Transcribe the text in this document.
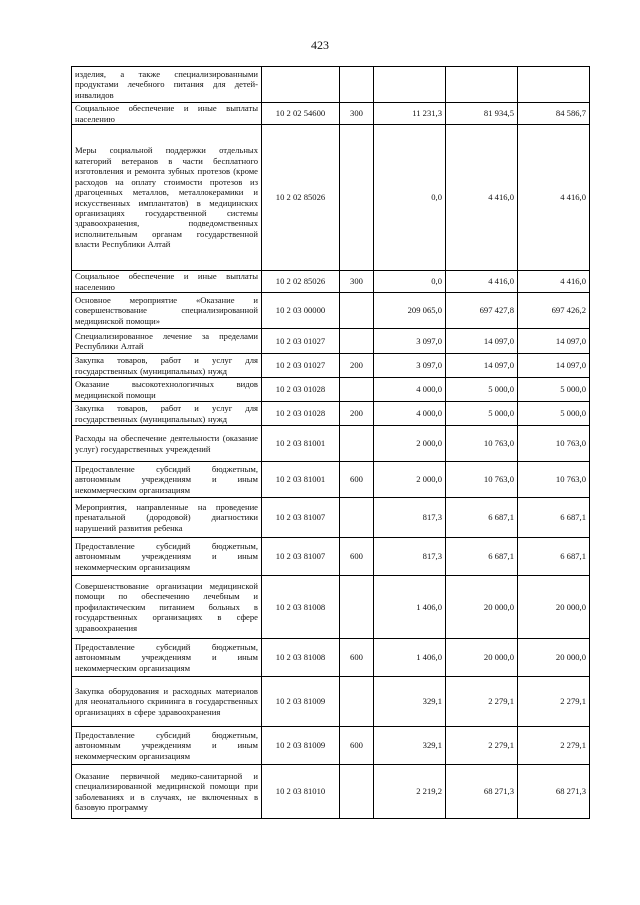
423
изделия, а также специализированными продуктами лечебного питания для детей-инвалидов					
Социальное обеспечение и иные выплаты населению	10 2 02 54600	300	11 231,3	81 934,5	84 586,7
Меры социальной поддержки отдельных категорий ветеранов в части бесплатного изготовления и ремонта зубных протезов (кроме расходов на оплату стоимости протезов из драгоценных металлов, металлокерамики и искусственных имплантатов) в медицинских организациях государственной системы здравоохранения, подведомственных исполнительным органам государственной власти Республики Алтай	10 2 02 85026		0,0	4 416,0	4 416,0
Социальное обеспечение и иные выплаты населению	10 2 02 85026	300	0,0	4 416,0	4 416,0
Основное мероприятие «Оказание и совершенствование специализированной медицинской помощи»	10 2 03 00000		209 065,0	697 427,8	697 426,2
Специализированное лечение за пределами Республики Алтай	10 2 03 01027		3 097,0	14 097,0	14 097,0
Закупка товаров, работ и услуг для государственных (муниципальных) нужд	10 2 03 01027	200	3 097,0	14 097,0	14 097,0
Оказание высокотехнологичных видов медицинской помощи	10 2 03 01028		4 000,0	5 000,0	5 000,0
Закупка товаров, работ и услуг для государственных (муниципальных) нужд	10 2 03 01028	200	4 000,0	5 000,0	5 000,0
Расходы на обеспечение деятельности (оказание услуг) государственных учреждений	10 2 03 81001		2 000,0	10 763,0	10 763,0
Предоставление субсидий бюджетным, автономным учреждениям и иным некоммерческим организациям	10 2 03 81001	600	2 000,0	10 763,0	10 763,0
Мероприятия, направленные на проведение пренатальной (дородовой) диагностики нарушений развития ребенка	10 2 03 81007		817,3	6 687,1	6 687,1
Предоставление субсидий бюджетным, автономным учреждениям и иным некоммерческим организациям	10 2 03 81007	600	817,3	6 687,1	6 687,1
Совершенствование организации медицинской помощи по обеспечению лечебным и профилактическим питанием больных в государственных организациях в сфере здравоохранения	10 2 03 81008		1 406,0	20 000,0	20 000,0
Предоставление субсидий бюджетным, автономным учреждениям и иным некоммерческим организациям	10 2 03 81008	600	1 406,0	20 000,0	20 000,0
Закупка оборудования и расходных материалов для неонатального скрининга в государственных организациях в сфере здравоохранения	10 2 03 81009		329,1	2 279,1	2 279,1
Предоставление субсидий бюджетным, автономным учреждениям и иным некоммерческим организациям	10 2 03 81009	600	329,1	2 279,1	2 279,1
Оказание первичной медико-санитарной и специализированной медицинской помощи при заболеваниях и в случаях, не включенных в базовую программу	10 2 03 81010		2 219,2	68 271,3	68 271,3
